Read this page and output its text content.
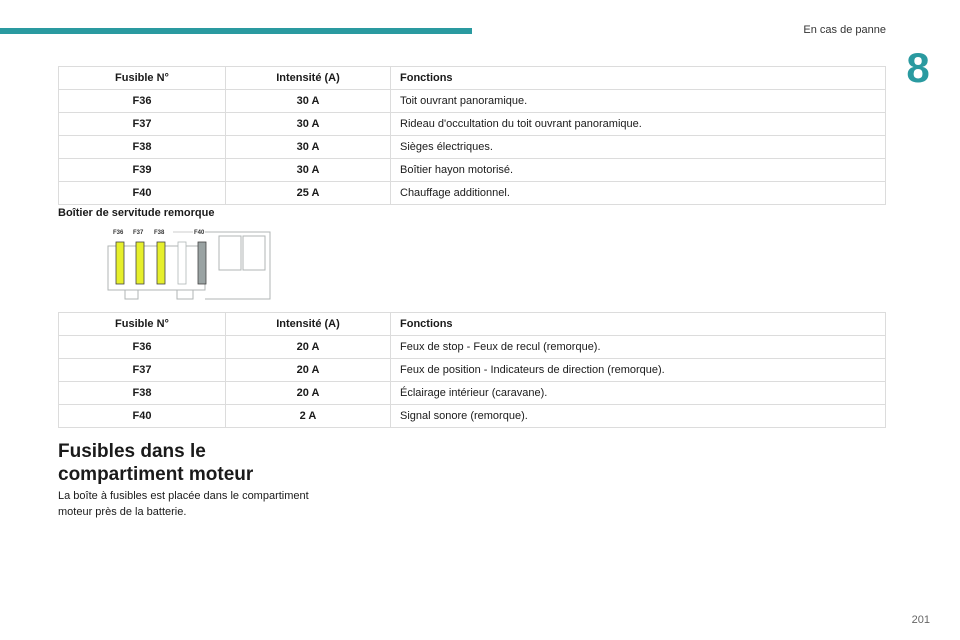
En cas de panne
8
Fusible N°	Intensité (A)	Fonctions
F36	30 A	Toit ouvrant panoramique.
F37	30 A	Rideau d'occultation du toit ouvrant panoramique.
F38	30 A	Sièges électriques.
F39	30 A	Boîtier hayon motorisé.
F40	25 A	Chauffage additionnel.
Boîtier de servitude remorque
F36 F37 F38	F40
Fusible N°	Intensité (A)	Fonctions
F36	20 A	Feux de stop - Feux de recul (remorque).
F37	20 A	Feux de position - Indicateurs de direction (remorque).
F38	20 A	Éclairage intérieur (caravane).
F40	2 A	Signal sonore (remorque).
Fusibles dans le
compartiment moteur
La boîte à fusibles est placée dans le compartiment
moteur près de la batterie.
201
